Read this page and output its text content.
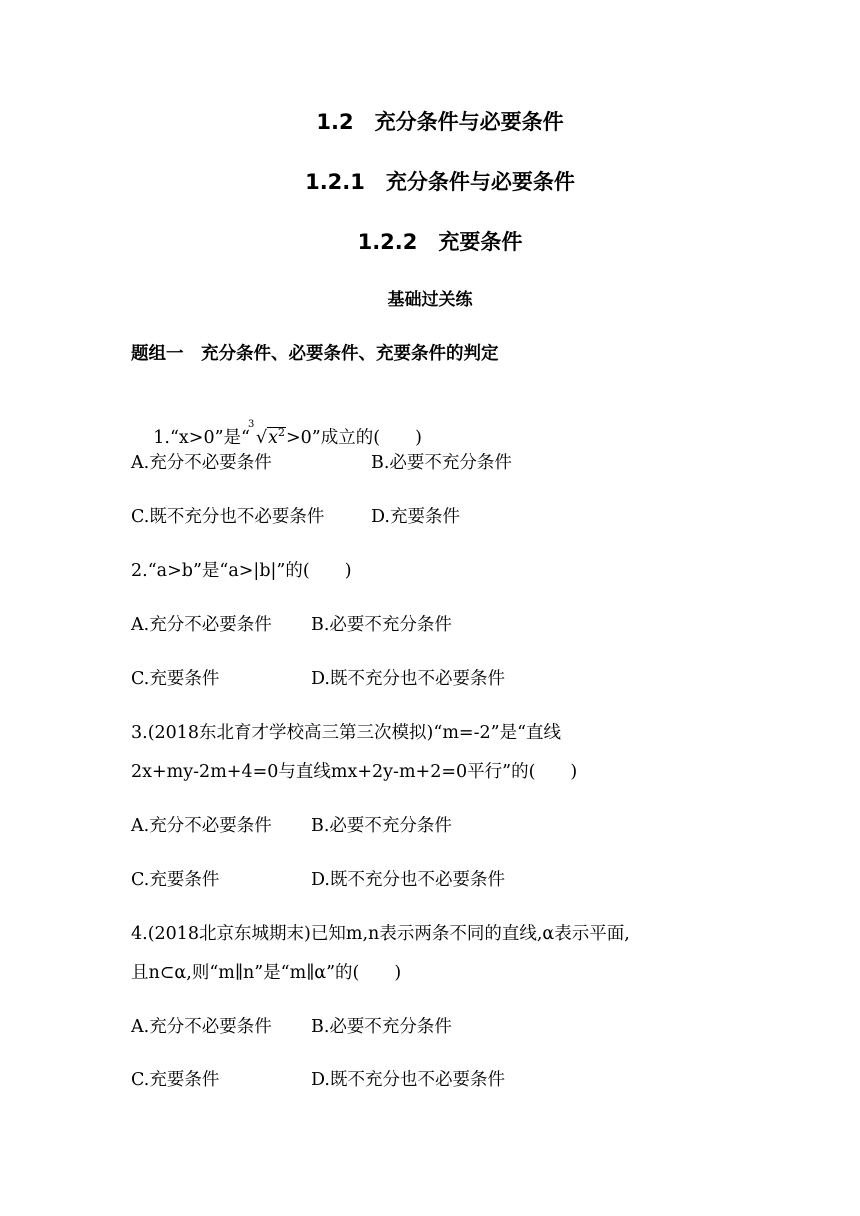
1.2　充分条件与必要条件
1.2.1　充分条件与必要条件
1.2.2　充要条件
基础过关练
题组一　充分条件、必要条件、充要条件的判定

1.“x>0”是“
3
$√x^2>0$”成立的(　　)

A.充分不必要条件	B.必要不充分条件
C.既不充分也不必要条件	D.充要条件
2.“a>b”是“a>|b|”的(　　)
A.充分不必要条件 B.必要不充分条件
C.充要条件	D.既不充分也不必要条件
3.(2018东北育才学校高三第三次模拟)“m=-2”是“直线
2x+my-2m+4=0与直线mx+2y-m+2=0平行”的(　　)
A.充分不必要条件 B.必要不充分条件
C.充要条件	D.既不充分也不必要条件
4.(2018北京东城期末)已知m,n表示两条不同的直线,α表示平面,
且n⊂α,则“m∥n”是“m∥α”的(　　)
A.充分不必要条件 B.必要不充分条件
C.充要条件	D.既不充分也不必要条件
